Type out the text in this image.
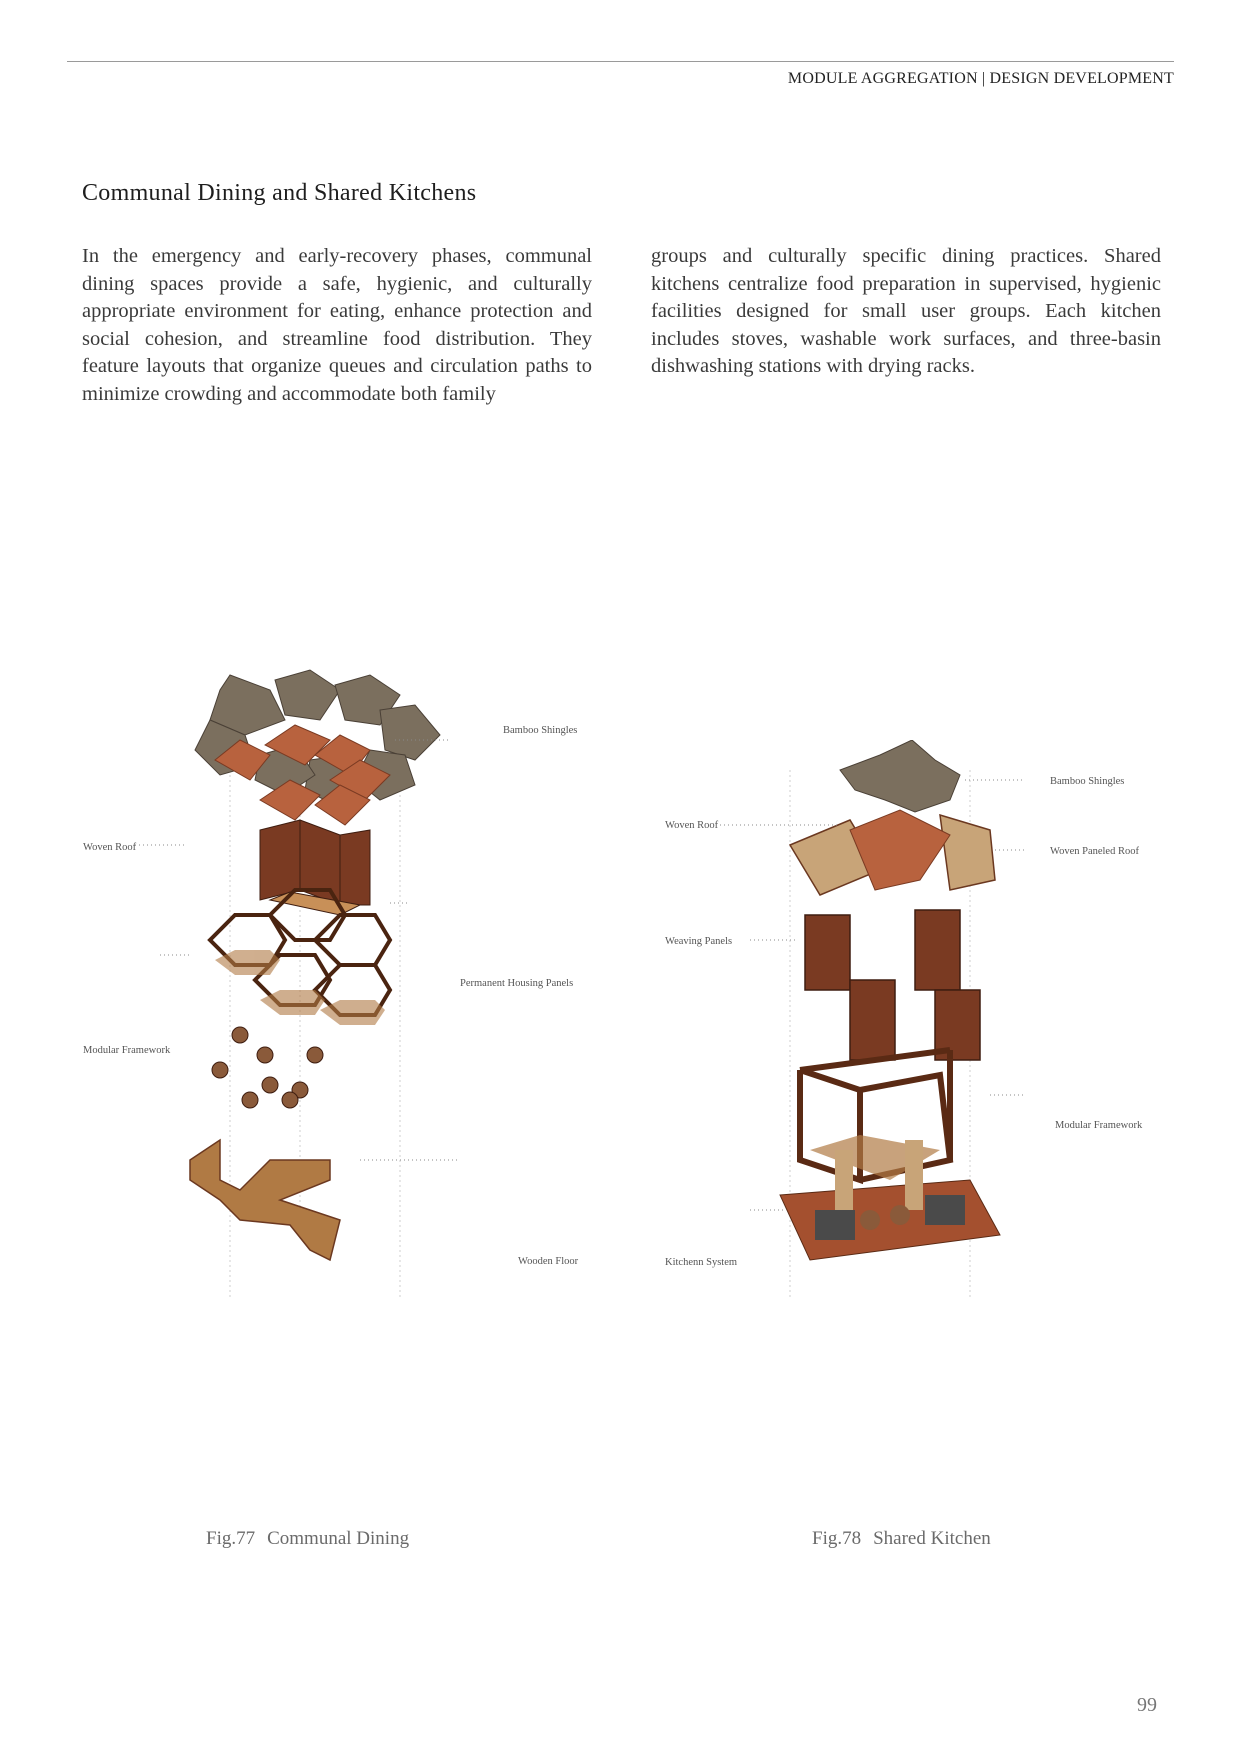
MODULE AGGREGATION | DESIGN DEVELOPMENT
Communal Dining and Shared Kitchens
In the emergency and early-recovery phases, communal dining spaces provide a safe, hygienic, and culturally appropriate environment for eating, enhance protection and social cohesion, and streamline food distribution. They feature layouts that organize queues and circulation paths to minimize crowding and accommodate both family
groups and culturally specific dining practices. Shared kitchens centralize food preparation in supervised, hygienic facilities designed for small user groups. Each kitchen includes stoves, washable work surfaces, and three-basin dishwashing stations with drying racks.
Bamboo Shingles
Woven Roof
Permanent Housing Panels
Modular Framework
Wooden Floor
Bamboo Shingles
Woven Roof
Woven Paneled Roof
Weaving Panels
Modular Framework
Kitchenn System
Fig.77 Communal Dining	Fig.78 Shared Kitchen
99
